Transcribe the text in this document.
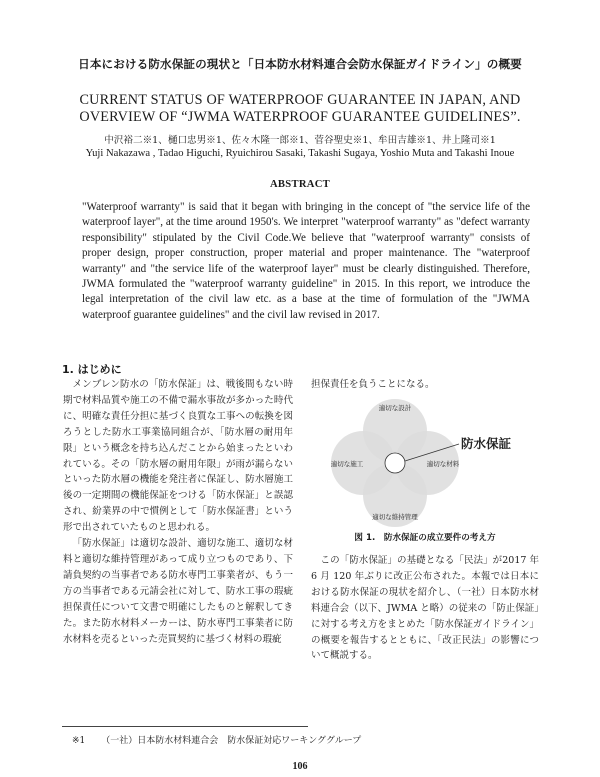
日本における防水保証の現状と「日本防水材料連合会防水保証ガイドライン」の概要
CURRENT STATUS OF WATERPROOF GUARANTEE IN JAPAN, AND
OVERVIEW OF “JWMA WATERPROOF GUARANTEE GUIDELINES”.
中沢裕二※1、樋口忠男※1、佐々木隆一郎※1、菅谷聖史※1、牟田吉雄※1、井上隆司※1
Yuji Nakazawa , Tadao Higuchi, Ryuichirou Sasaki, Takashi Sugaya, Yoshio Muta and Takashi Inoue
ABSTRACT
"Waterproof warranty" is said that it began with bringing in the concept of "the service life of the waterproof layer", at the time around 1950's. We interpret "waterproof warranty" as "defect warranty responsibility" stipulated by the Civil Code.We believe that "waterproof warranty" consists of proper design, proper construction, proper material and proper maintenance. The "waterproof warranty" and "the service life of the waterproof layer" must be clearly distinguished. Therefore, JWMA formulated the "waterproof warranty guideline" in 2015. In this report, we introduce the legal interpretation of the civil law etc. as a base at the time of formulation of the "JWMA waterproof guarantee guidelines" and the civil law revised in 2017.
1. はじめに

メンブレン防水の「防水保証」は、戦後間もない時期で材料品質や施工の不備で漏水事故が多かった時代に、明確な責任分担に基づく良質な工事への転換を図ろうとした防水工事業協同組合が、「防水層の耐用年限」という概念を持ち込んだことから始まったといわれている。その「防水層の耐用年限」が雨が漏らないといった防水層の機能を発注者に保証し、防水層施工後の一定期間の機能保証をつける「防水保証」と誤認され、紛業界の中で慣例として「防水保証書」という形で出されていたものと思われる。

「防水保証」は適切な設計、適切な施工、適切な材料と適切な維持管理があって成り立つものであり、下請負契約の当事者である防水専門工事業者が、もう一方の当事者である元請会社に対して、防水工事の瑕疵担保責任について文書で明確にしたものと解釈してきた。また防水材料メーカーは、防水専門工事業者に防水材料を売るといった売買契約に基づく材料の瑕疵

担保責任を負うことになる。
防水保証
適切な設計
適切な施工	適切な材料
適切な維持管理
図 1.　防水保証の成立要件の考え方

この「防水保証」の基礎となる「民法」が2017 年 6 月 120 年ぶりに改正公布された。本報では日本における防水保証の現状を紹介し、（一社）日本防水材料連合会（以下、JWMA と略）の従来の「防止保証」に対する考え方をまとめた「防水保証ガイドライン」の概要を報告するとともに、「改正民法」の影響について概説する。

※1 （一社）日本防水材料連合会　防水保証対応ワーキンググループ
106
